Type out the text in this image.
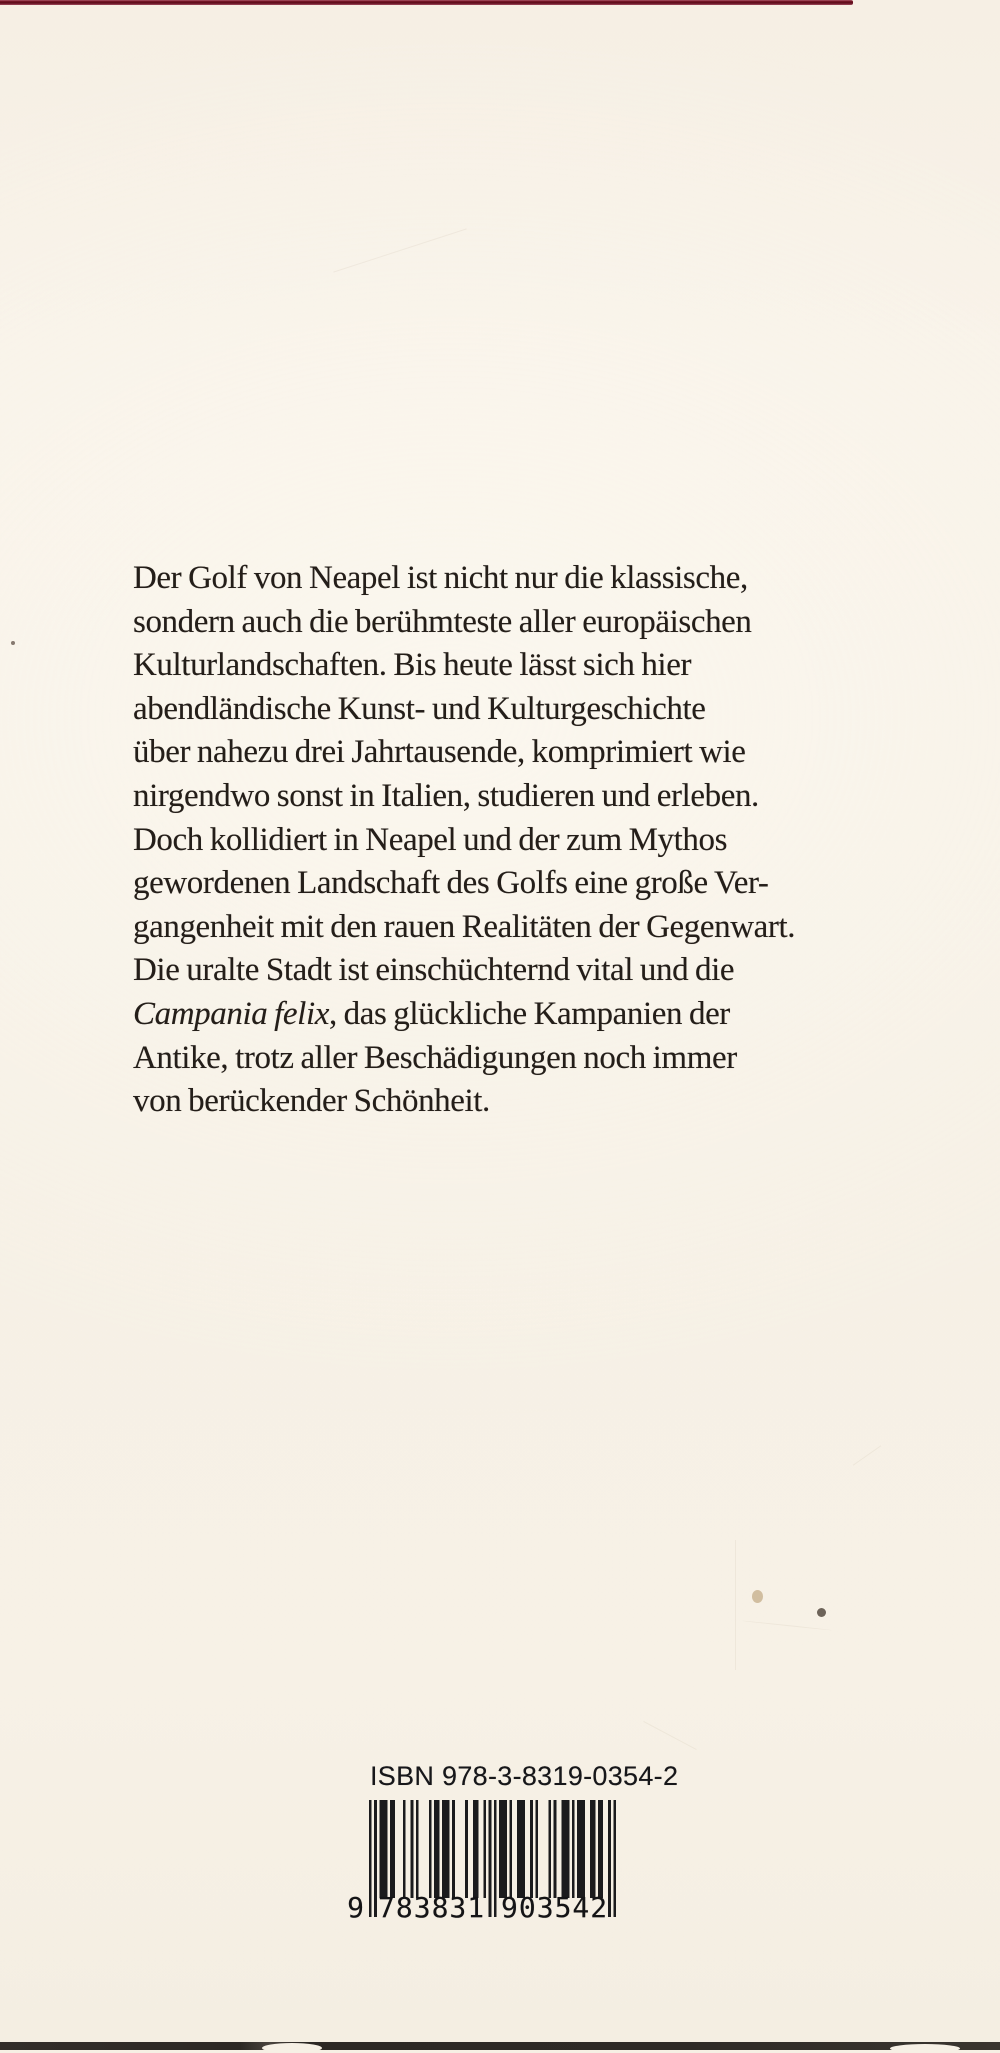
Der Golf von Neapel ist nicht nur die klassische,
sondern auch die berühmteste aller europäischen
Kulturlandschaften. Bis heute lässt sich hier
abendländische Kunst- und Kulturgeschichte
über nahezu drei Jahrtausende, komprimiert wie
nirgendwo sonst in Italien, studieren und erleben.
Doch kollidiert in Neapel und der zum Mythos
gewordenen Landschaft des Golfs eine große Ver-
gangenheit mit den rauen Realitäten der Gegenwart.
Die uralte Stadt ist einschüchternd vital und die
Campania felix, das glückliche Kampanien der
Antike, trotz aller Beschädigungen noch immer
von berückender Schönheit.
ISBN 978-3-8319-0354-2
9 783831 903542
